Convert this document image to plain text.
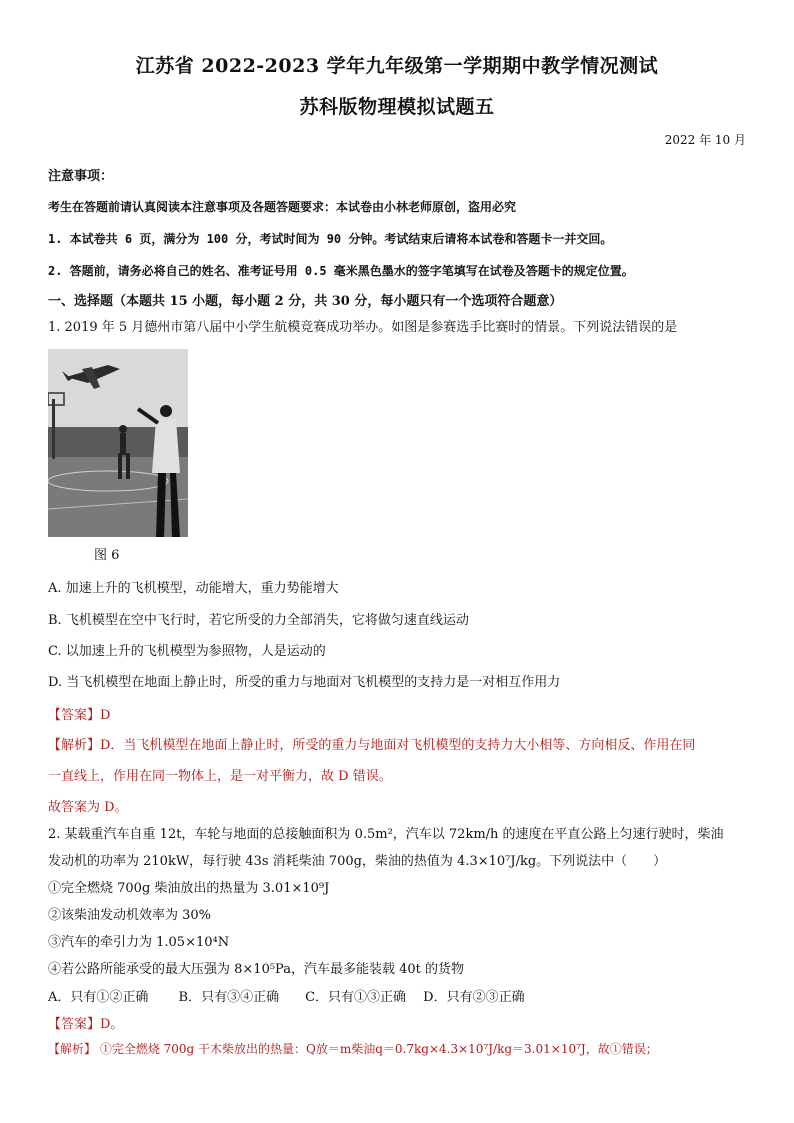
江苏省 2022-2023 学年九年级第一学期期中教学情况测试
苏科版物理模拟试题五
2022 年 10 月
注意事项：
考生在答题前请认真阅读本注意事项及各题答题要求：本试卷由小林老师原创，盗用必究
1. 本试卷共 6 页，满分为 100 分，考试时间为 90 分钟。考试结束后请将本试卷和答题卡一并交回。
2. 答题前，请务必将自己的姓名、准考证号用 0.5 毫米黑色墨水的签字笔填写在试卷及答题卡的规定位置。
一、选择题（本题共 15 小题，每小题 2 分，共 30 分，每小题只有一个选项符合题意）
1. 2019 年 5 月德州市第八届中小学生航模竞赛成功举办。如图是参赛选手比赛时的情景。下列说法错误的是
图 6
A. 加速上升的飞机模型，动能增大，重力势能增大
B. 飞机模型在空中飞行时，若它所受的力全部消失，它将做匀速直线运动
C. 以加速上升的飞机模型为参照物，人是运动的
D. 当飞机模型在地面上静止时，所受的重力与地面对飞机模型的支持力是一对相互作用力
【答案】D
【解析】D．当飞机模型在地面上静止时，所受的重力与地面对飞机模型的支持力大小相等、方向相反、作用在同
一直线上，作用在同一物体上，是一对平衡力，故 D 错误。
故答案为 D。
2. 某载重汽车自重 12t，车轮与地面的总接触面积为 0.5m²，汽车以 72km/h 的速度在平直公路上匀速行驶时，柴油
发动机的功率为 210kW，每行驶 43s 消耗柴油 700g，柴油的热值为 4.3×10⁷J/kg。下列说法中（　　）
①完全燃烧 700g 柴油放出的热量为 3.01×10⁹J
②该柴油发动机效率为 30%
③汽车的牵引力为 1.05×10⁴N
④若公路所能承受的最大压强为 8×10⁵Pa，汽车最多能装载 40t 的货物
A．只有①②正确　　 B．只有③④正确　　C．只有①③正确　 D．只有②③正确
【答案】D。
【解析】 ①完全燃烧 700g 干木柴放出的热量：Q放＝m柴油q＝0.7kg×4.3×10⁷J/kg＝3.01×10⁷J，故①错误；
